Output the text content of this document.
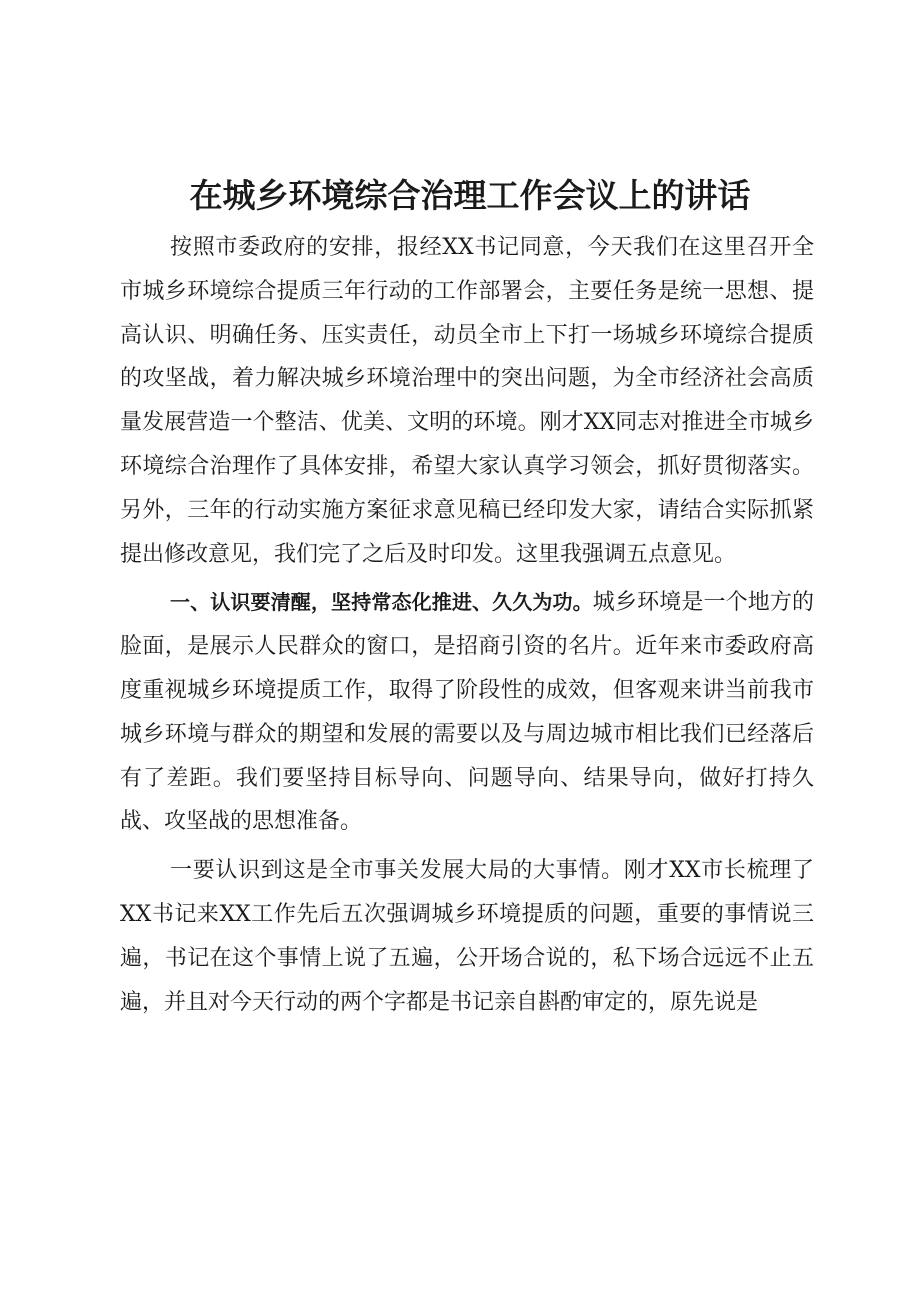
在城乡环境综合治理工作会议上的讲话

按照市委政府的安排，报经XX书记同意，今天我们在这里召开全市城乡环境综合提质三年行动的工作部署会，主要任务是统一思想、提高认识、明确任务、压实责任，动员全市上下打一场城乡环境综合提质的攻坚战，着力解决城乡环境治理中的突出问题，为全市经济社会高质量发展营造一个整洁、优美、文明的环境。刚才XX同志对推进全市城乡环境综合治理作了具体安排，希望大家认真学习领会，抓好贯彻落实。另外，三年的行动实施方案征求意见稿已经印发大家，请结合实际抓紧提出修改意见，我们完了之后及时印发。这里我强调五点意见。

一、认识要清醒，坚持常态化推进、久久为功。城乡环境是一个地方的脸面，是展示人民群众的窗口，是招商引资的名片。近年来市委政府高度重视城乡环境提质工作，取得了阶段性的成效，但客观来讲当前我市城乡环境与群众的期望和发展的需要以及与周边城市相比我们已经落后有了差距。我们要坚持目标导向、问题导向、结果导向，做好打持久战、攻坚战的思想准备。

一要认识到这是全市事关发展大局的大事情。刚才XX市长梳理了XX书记来XX工作先后五次强调城乡环境提质的问题，重要的事情说三遍，书记在这个事情上说了五遍，公开场合说的，私下场合远远不止五遍，并且对今天行动的两个字都是书记亲自斟酌审定的，原先说是
